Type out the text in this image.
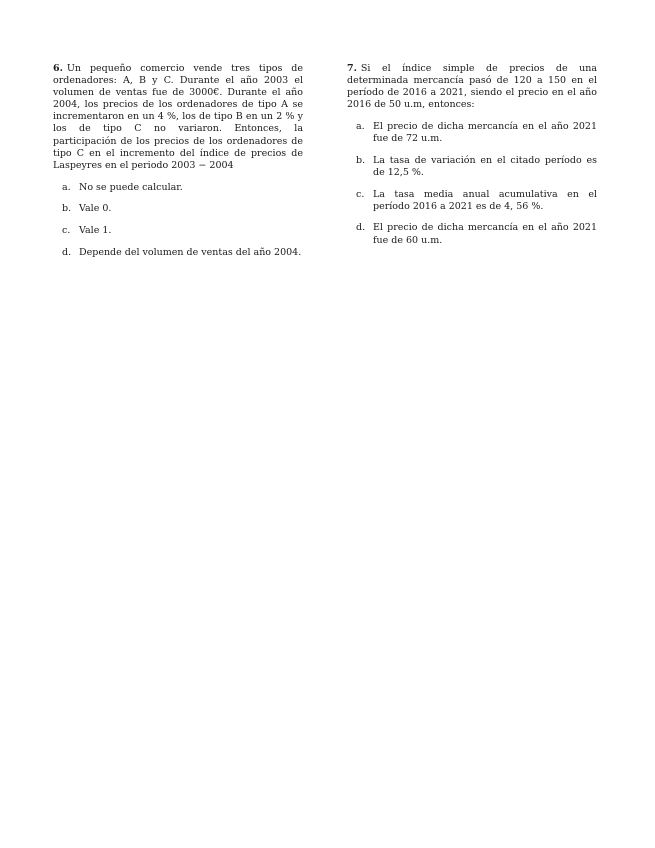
6. Un pequeño comercio vende tres tipos de ordenadores: A, B y C. Durante el año 2003 el volumen de ventas fue de 3000€. Durante el año 2004, los precios de los ordenadores de tipo A se incrementaron en un 4 %, los de tipo B en un 2 % y los de tipo C no variaron. Entonces, la participación de los precios de los ordenadores de tipo C en el incremento del índice de precios de Laspeyres en el periodo 2003 − 2004

a. No se puede calcular.
b. Vale 0.
c. Vale 1.
d. Depende del volumen de ventas del año 2004.

7. Si el índice simple de precios de una determinada mercancía pasó de 120 a 150 en el período de 2016 a 2021, siendo el precio en el año 2016 de 50 u.m, entonces:

a. El precio de dicha mercancía en el año 2021 fue de 72 u.m.
b. La tasa de variación en el citado período es de 12,5 %.
c. La tasa media anual acumulativa en el período 2016 a 2021 es de 4, 56 %.
d. El precio de dicha mercancía en el año 2021 fue de 60 u.m.
